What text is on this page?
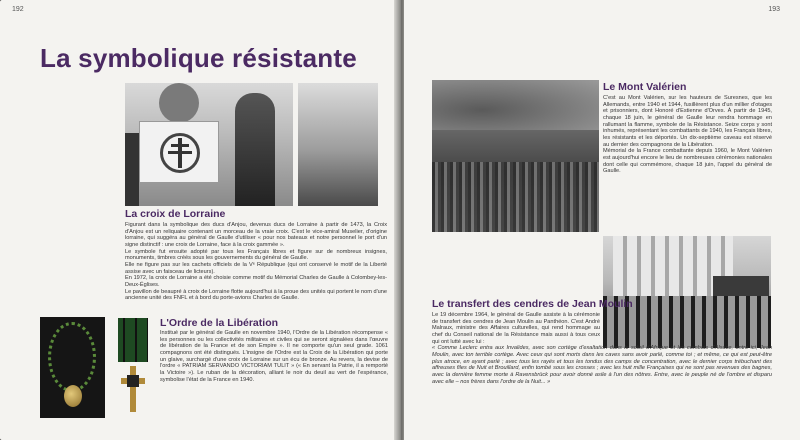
192
La symbolique résistante
La croix de Lorraine

Figurant dans la symbolique des ducs d'Anjou, devenus ducs de Lorraine à partir de 1473, la Croix d'Anjou est un reliquaire contenant un morceau de la vraie croix. C'est le vice-amiral Muselier, d'origine lorraine, qui suggéra au général de Gaulle d'utiliser « pour nos bateaux et notre personnel le port d'un signe distinctif : une croix de Lorraine, face à la croix gammée ».

Le symbole fut ensuite adopté par tous les Français libres et figure sur de nombreux insignes, monuments, timbres créés sous les gouvernements du général de Gaulle.

Elle ne figure pas sur les cachets officiels de la Vᵉ République (qui ont conservé le motif de la Liberté assise avec un faisceau de licteurs).

En 1972, la croix de Lorraine a été choisie comme motif du Mémorial Charles de Gaulle à Colombey-les-Deux-Églises.

Le pavillon de beaupré à croix de Lorraine flotte aujourd'hui à la proue des unités qui portent le nom d'une ancienne unité des FNFL et à bord du porte-avions Charles de Gaulle.

L'Ordre de la Libération

Institué par le général de Gaulle en novembre 1940, l'Ordre de la Libération récompense « les personnes ou les collectivités militaires et civiles qui se seront signalées dans l'œuvre de libération de la France et de son Empire ». Il ne comporte qu'un seul grade. 1061 compagnons ont été distingués. L'insigne de l'Ordre est la Croix de la Libération qui porte un glaive, surchargé d'une croix de Lorraine sur un écu de bronze. Au revers, la devise de l'ordre « PATRIAM SERVANDO VICTORIAM TULIT » (« En servant la Patrie, il a remporté la Victoire »). Le ruban de la décoration, alliant le noir du deuil au vert de l'espérance, symbolise l'état de la France en 1940.

193
Le Mont Valérien

C'est au Mont Valérien, sur les hauteurs de Suresnes, que les Allemands, entre 1940 et 1944, fusillèrent plus d'un millier d'otages et prisonniers, dont Honoré d'Estienne d'Orves. À partir de 1945, chaque 18 juin, le général de Gaulle leur rendra hommage en rallumant la flamme, symbole de la Résistance. Seize corps y sont inhumés, représentant les combattants de 1940, les Français libres, les résistants et les déportés. Un dix-septième caveau est réservé au dernier des compagnons de la Libération.

Mémorial de la France combattante depuis 1960, le Mont Valérien est aujourd'hui encore le lieu de nombreuses cérémonies nationales dont celle qui commémore, chaque 18 juin, l'appel du général de Gaulle.

Le transfert des cendres de Jean Moulin
Le 19 décembre 1964, le général de Gaulle assiste à la cérémonie de transfert des cendres de Jean Moulin au Panthéon. C'est André Malraux, ministre des Affaires culturelles, qui rend hommage au chef du Conseil national de la Résistance mais aussi à tous ceux qui ont lutté avec lui :
« Comme Leclerc entra aux Invalides, avec son cortège d'exaltation dans le soleil d'Afrique et les combats d'Alsace, entre ici, Jean Moulin, avec ton terrible cortège. Avec ceux qui sont morts dans les caves sans avoir parlé, comme toi ; et même, ce qui est peut-être plus atroce, en ayant parlé ; avec tous les rayés et tous les tondus des camps de concentration, avec le dernier corps trébuchant des affreuses files de Nuit et Brouillard, enfin tombé sous les crosses ; avec les huit mille Françaises qui ne sont pas revenues des bagnes, avec la dernière femme morte à Ravensbrück pour avoir donné asile à l'un des nôtres. Entre, avec le peuple né de l'ombre et disparu avec elle – nos frères dans l'ordre de la Nuit... »
